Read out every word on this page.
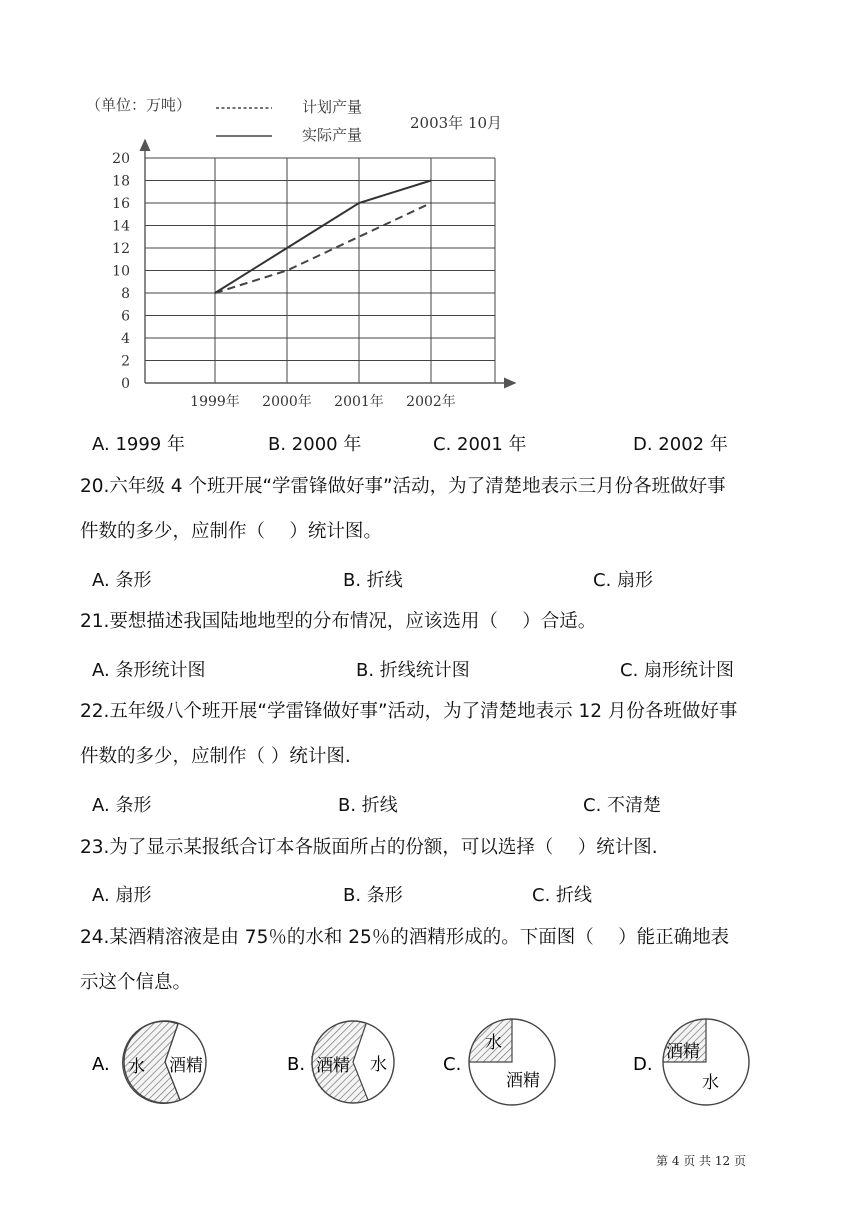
（单位：万吨）	计划产量
实际产量
2003年 10月
0
2
4
6
8
10
12
14
16
18
20
1999年 2000年 2001年 2002年
A. 1999 年	B. 2000 年	C. 2001 年	D. 2002 年
20.六年级 4 个班开展“学雷锋做好事”活动，为了清楚地表示三月份各班做好事
件数的多少，应制作（　 ）统计图。
A. 条形	B. 折线	C. 扇形
21.要想描述我国陆地地型的分布情况，应该选用（　 ）合适。
A. 条形统计图	B. 折线统计图	C. 扇形统计图
22.五年级八个班开展“学雷锋做好事”活动，为了清楚地表示 12 月份各班做好事
件数的多少，应制作（ ）统计图.
A. 条形	B. 折线	C. 不清楚
23.为了显示某报纸合订本各版面所占的份额，可以选择（　 ）统计图.
A. 扇形	B. 条形	C. 折线
24.某酒精溶液是由 75％的水和 25％的酒精形成的。下面图（　 ）能正确地表
示这个信息。
A. 水 酒精	B. 酒精 水	C.
水
酒精
D.
酒精
水
第 4 页 共 12 页
